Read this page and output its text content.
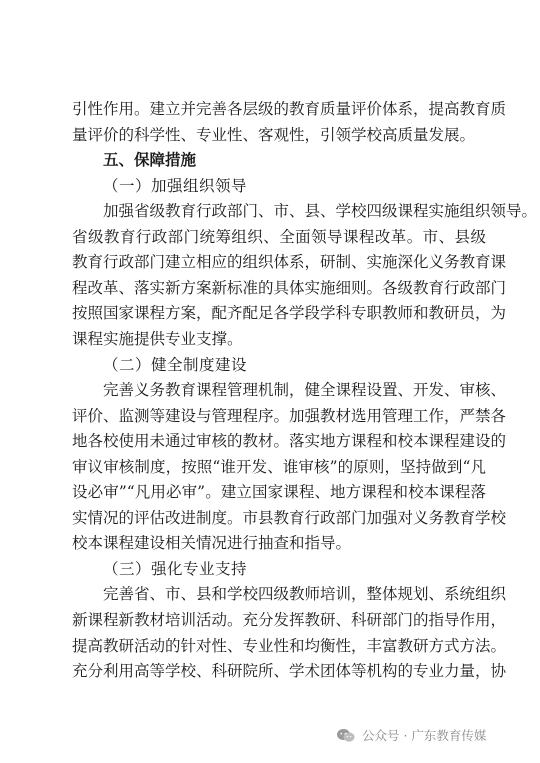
引性作用。建立并完善各层级的教育质量评价体系，提高教育质
量评价的科学性、专业性、客观性，引领学校高质量发展。
五、保障措施
（一）加强组织领导
加强省级教育行政部门、市、县、学校四级课程实施组织领导。
省级教育行政部门统筹组织、全面领导课程改革。市、县级
教育行政部门建立相应的组织体系，研制、实施深化义务教育课
程改革、落实新方案新标准的具体实施细则。各级教育行政部门
按照国家课程方案，配齐配足各学段学科专职教师和教研员，为
课程实施提供专业支撑。
（二）健全制度建设
完善义务教育课程管理机制，健全课程设置、开发、审核、
评价、监测等建设与管理程序。加强教材选用管理工作，严禁各
地各校使用未通过审核的教材。落实地方课程和校本课程建设的
审议审核制度，按照“谁开发、谁审核”的原则，坚持做到“凡
设必审”“凡用必审”。建立国家课程、地方课程和校本课程落
实情况的评估改进制度。市县教育行政部门加强对义务教育学校
校本课程建设相关情况进行抽查和指导。
（三）强化专业支持
完善省、市、县和学校四级教师培训，整体规划、系统组织
新课程新教材培训活动。充分发挥教研、科研部门的指导作用，
提高教研活动的针对性、专业性和均衡性，丰富教研方式方法。
充分利用高等学校、科研院所、学术团体等机构的专业力量，协
公众号 · 广东教育传媒
